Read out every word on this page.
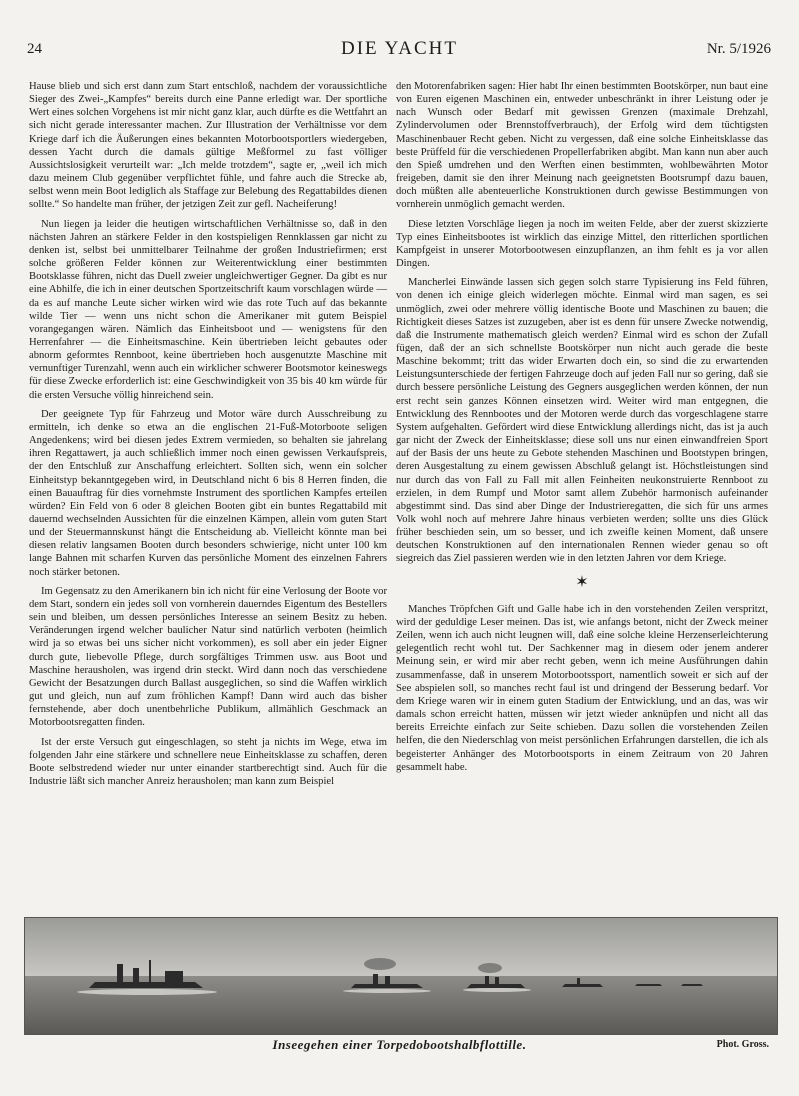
24	DIE YACHT	Nr. 5/1926

Hause blieb und sich erst dann zum Start entschloß, nachdem der voraussichtliche Sieger des Zwei-„Kampfes“ bereits durch eine Panne erledigt war. Der sportliche Wert eines solchen Vorgehens ist mir nicht ganz klar, auch dürfte es die Wettfahrt an sich nicht gerade interessanter machen. Zur Illustration der Verhältnisse vor dem Kriege darf ich die Äußerungen eines bekannten Motorbootsportlers wiedergeben, dessen Yacht durch die damals gültige Meßformel zu fast völliger Aussichtslosigkeit verurteilt war: „Ich melde trotzdem“, sagte er, „weil ich mich dazu meinem Club gegenüber verpflichtet fühle, und fahre auch die Strecke ab, selbst wenn mein Boot lediglich als Staffage zur Belebung des Regattabildes dienen sollte.“ So handelte man früher, der jetzigen Zeit zur gefl. Nacheiferung!

Nun liegen ja leider die heutigen wirtschaftlichen Verhältnisse so, daß in den nächsten Jahren an stärkere Felder in den kostspieligen Rennklassen gar nicht zu denken ist, selbst bei unmittelbarer Teilnahme der großen Industriefirmen; erst solche größeren Felder können zur Weiterentwicklung einer bestimmten Bootsklasse führen, nicht das Duell zweier ungleichwertiger Gegner. Da gibt es nur eine Abhilfe, die ich in einer deutschen Sportzeitschrift kaum vorschlagen würde — da es auf manche Leute sicher wirken wird wie das rote Tuch auf das bekannte wilde Tier — wenn uns nicht schon die Amerikaner mit gutem Beispiel vorangegangen wären. Nämlich das Einheitsboot und — wenigstens für den Herrenfahrer — die Einheitsmaschine. Kein übertrieben leicht gebautes oder abnorm geformtes Rennboot, keine übertrieben hoch ausgenutzte Maschine mit vernunftiger Turenzahl, wenn auch ein wirklicher schwerer Bootsmotor keineswegs für diese Zwecke erforderlich ist: eine Geschwindigkeit von 35 bis 40 km würde für die ersten Versuche völlig hinreichend sein.

Der geeignete Typ für Fahrzeug und Motor wäre durch Ausschreibung zu ermitteln, ich denke so etwa an die englischen 21-Fuß-Motorboote seligen Angedenkens; wird bei diesen jedes Extrem vermieden, so behalten sie jahrelang ihren Regattawert, ja auch schließlich immer noch einen gewissen Verkaufspreis, der den Entschluß zur Anschaffung erleichtert. Sollten sich, wenn ein solcher Einheitstyp bekanntgegeben wird, in Deutschland nicht 6 bis 8 Herren finden, die einen Bauauftrag für dies vornehmste Instrument des sportlichen Kampfes erteilen würden? Ein Feld von 6 oder 8 gleichen Booten gibt ein buntes Regattabild mit dauernd wechselnden Aussichten für die einzelnen Kämpen, allein vom guten Start und der Steuermannskunst hängt die Entscheidung ab. Vielleicht könnte man bei diesen relativ langsamen Booten durch besonders schwierige, nicht unter 100 km lange Bahnen mit scharfen Kurven das persönliche Moment des einzelnen Fahrers noch stärker betonen.

Im Gegensatz zu den Amerikanern bin ich nicht für eine Verlosung der Boote vor dem Start, sondern ein jedes soll von vornherein dauerndes Eigentum des Bestellers sein und bleiben, um dessen persönliches Interesse an seinem Besitz zu heben. Veränderungen irgend welcher baulicher Natur sind natürlich verboten (heimlich wird ja so etwas bei uns sicher nicht vorkommen), es soll aber ein jeder Eigner durch gute, liebevolle Pflege, durch sorgfältiges Trimmen usw. aus Boot und Maschine herausholen, was irgend drin steckt. Wird dann noch das verschiedene Gewicht der Besatzungen durch Ballast ausgeglichen, so sind die Waffen wirklich gut und gleich, nun auf zum fröhlichen Kampf! Dann wird auch das bisher fernstehende, aber doch unentbehrliche Publikum, allmählich Geschmack an Motorbootsregatten finden.

Ist der erste Versuch gut eingeschlagen, so steht ja nichts im Wege, etwa im folgenden Jahr eine stärkere und schnellere neue Einheitsklasse zu schaffen, deren Boote selbstredend wieder nur unter einander startberechtigt sind. Auch für die Industrie läßt sich mancher Anreiz herausholen; man kann zum Beispiel

den Motorenfabriken sagen: Hier habt Ihr einen bestimmten Bootskörper, nun baut eine von Euren eigenen Maschinen ein, entweder unbeschränkt in ihrer Leistung oder je nach Wunsch oder Bedarf mit gewissen Grenzen (maximale Drehzahl, Zylindervolumen oder Brennstoffverbrauch), der Erfolg wird dem tüchtigsten Maschinenbauer Recht geben. Nicht zu vergessen, daß eine solche Einheitsklasse das beste Prüffeld für die verschiedenen Propellerfabriken abgibt. Man kann nun aber auch den Spieß umdrehen und den Werften einen bestimmten, wohlbewährten Motor freigeben, damit sie den ihrer Meinung nach geeignetsten Bootsrumpf dazu bauen, doch müßten alle abenteuerliche Konstruktionen durch gewisse Bestimmungen von vornherein unmöglich gemacht werden.

Diese letzten Vorschläge liegen ja noch im weiten Felde, aber der zuerst skizzierte Typ eines Einheitsbootes ist wirklich das einzige Mittel, den ritterlichen sportlichen Kampfgeist in unserer Motorbootwesen einzupflanzen, an ihm fehlt es ja vor allen Dingen.

Mancherlei Einwände lassen sich gegen solch starre Typisierung ins Feld führen, von denen ich einige gleich widerlegen möchte. Einmal wird man sagen, es sei unmöglich, zwei oder mehrere völlig identische Boote und Maschinen zu bauen; die Richtigkeit dieses Satzes ist zuzugeben, aber ist es denn für unsere Zwecke notwendig, daß die Instrumente mathematisch gleich werden? Einmal wird es schon der Zufall fügen, daß der an sich schnellste Bootskörper nun nicht auch gerade die beste Maschine bekommt; tritt das wider Erwarten doch ein, so sind die zu erwartenden Leistungsunterschiede der fertigen Fahrzeuge doch auf jeden Fall nur so gering, daß sie durch bessere persönliche Leistung des Gegners ausgeglichen werden können, der nun erst recht sein ganzes Können einsetzen wird. Weiter wird man entgegnen, die Entwicklung des Rennbootes und der Motoren werde durch das vorgeschlagene starre System aufgehalten. Gefördert wird diese Entwicklung allerdings nicht, das ist ja auch gar nicht der Zweck der Einheitsklasse; diese soll uns nur einen einwandfreien Sport auf der Basis der uns heute zu Gebote stehenden Maschinen und Bootstypen bringen, deren Ausgestaltung zu einem gewissen Abschluß gelangt ist. Höchstleistungen sind nur durch das von Fall zu Fall mit allen Feinheiten neukonstruierte Rennboot zu erzielen, in dem Rumpf und Motor samt allem Zubehör harmonisch aufeinander abgestimmt sind. Das sind aber Dinge der Industrieregatten, die sich für uns armes Volk wohl noch auf mehrere Jahre hinaus verbieten werden; sollte uns dies Glück früher beschieden sein, um so besser, und ich zweifle keinen Moment, daß unsere deutschen Konstruktionen auf den internationalen Rennen wieder genau so oft siegreich das Ziel passieren werden wie in den letzten Jahren vor dem Kriege.

✶

Manches Tröpfchen Gift und Galle habe ich in den vorstehenden Zeilen verspritzt, wird der geduldige Leser meinen. Das ist, wie anfangs betont, nicht der Zweck meiner Zeilen, wenn ich auch nicht leugnen will, daß eine solche kleine Herzenserleichterung gelegentlich recht wohl tut. Der Sachkenner mag in diesem oder jenem anderer Meinung sein, er wird mir aber recht geben, wenn ich meine Ausführungen dahin zusammenfasse, daß in unserem Motorbootssport, namentlich soweit er sich auf der See abspielen soll, so manches recht faul ist und dringend der Besserung bedarf. Vor dem Kriege waren wir in einem guten Stadium der Entwicklung, und an das, was wir damals schon erreicht hatten, müssen wir jetzt wieder anknüpfen und nicht all das bereits Erreichte einfach zur Seite schieben. Dazu sollen die vorstehenden Zeilen helfen, die den Niederschlag von meist persönlichen Erfahrungen darstellen, die ich als begeisterter Anhänger des Motorbootsports in einem Zeitraum von 20 Jahren gesammelt habe.

Inseegehen einer Torpedobootshalbflottille.	Phot. Gross.
